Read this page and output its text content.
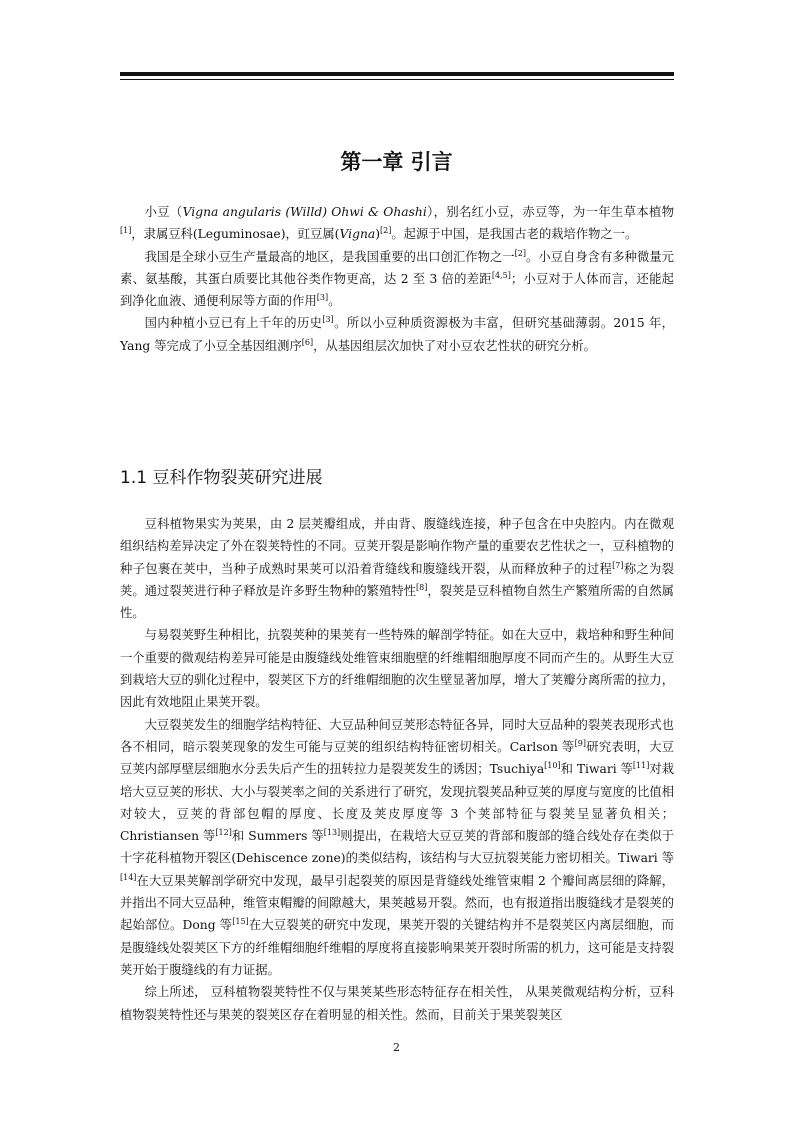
第一章 引言

小豆（Vigna angularis (Willd) Ohwi & Ohashi），别名红小豆，赤豆等，为一年生草本植物[1]，隶属豆科(Leguminosae)，豇豆属(Vigna)[2]。起源于中国，是我国古老的栽培作物之一。

我国是全球小豆生产量最高的地区，是我国重要的出口创汇作物之一[2]。小豆自身含有多种微量元素、氨基酸，其蛋白质要比其他谷类作物更高，达 2 至 3 倍的差距[4,5]；小豆对于人体而言，还能起到净化血液、通便利尿等方面的作用[3]。

国内种植小豆已有上千年的历史[3]。所以小豆种质资源极为丰富，但研究基础薄弱。2015 年，Yang 等完成了小豆全基因组测序[6]，从基因组层次加快了对小豆农艺性状的研究分析。

1.1 豆科作物裂荚研究进展

豆科植物果实为荚果，由 2 层荚瓣组成，并由背、腹缝线连接，种子包含在中央腔内。内在微观组织结构差异决定了外在裂荚特性的不同。豆荚开裂是影响作物产量的重要农艺性状之一，豆科植物的种子包裹在荚中，当种子成熟时果荚可以沿着背缝线和腹缝线开裂，从而释放种子的过程[7]称之为裂荚。通过裂荚进行种子释放是许多野生物种的繁殖特性[8]，裂荚是豆科植物自然生产繁殖所需的自然属性。

与易裂荚野生种相比，抗裂荚种的果荚有一些特殊的解剖学特征。如在大豆中，栽培种和野生种间一个重要的微观结构差异可能是由腹缝线处维管束细胞壁的纤维帽细胞厚度不同而产生的。从野生大豆到栽培大豆的驯化过程中，裂荚区下方的纤维帽细胞的次生壁显著加厚，增大了荚瓣分离所需的拉力，因此有效地阻止果荚开裂。

大豆裂荚发生的细胞学结构特征、大豆品种间豆荚形态特征各异，同时大豆品种的裂荚表现形式也各不相同，暗示裂荚现象的发生可能与豆荚的组织结构特征密切相关。Carlson 等[9]研究表明，大豆豆荚内部厚壁层细胞水分丢失后产生的扭转拉力是裂荚发生的诱因；Tsuchiya[10]和 Tiwari 等[11]对栽培大豆豆荚的形状、大小与裂荚率之间的关系进行了研究，发现抗裂荚品种豆荚的厚度与宽度的比值相对较大，豆荚的背部包帽的厚度、长度及荚皮厚度等 3 个荚部特征与裂荚呈显著负相关；Christiansen 等[12]和 Summers 等[13]则提出，在栽培大豆豆荚的背部和腹部的缝合线处存在类似于十字花科植物开裂区(Dehiscence zone)的类似结构，该结构与大豆抗裂荚能力密切相关。Tiwari 等[14]在大豆果荚解剖学研究中发现，最早引起裂荚的原因是背缝线处维管束帽 2 个瓣间离层细的降解，并指出不同大豆品种，维管束帽瓣的间隙越大，果荚越易开裂。然而，也有报道指出腹缝线才是裂荚的起始部位。Dong 等[15]在大豆裂荚的研究中发现，果荚开裂的关键结构并不是裂荚区内离层细胞，而是腹缝线处裂荚区下方的纤维帽细胞纤维帽的厚度将直接影响果荚开裂时所需的机力，这可能是支持裂荚开始于腹缝线的有力证据。

综上所述， 豆科植物裂荚特性不仅与果荚某些形态特征存在相关性， 从果荚微观结构分析，豆科植物裂荚特性还与果荚的裂荚区存在着明显的相关性。然而，目前关于果荚裂荚区

2
